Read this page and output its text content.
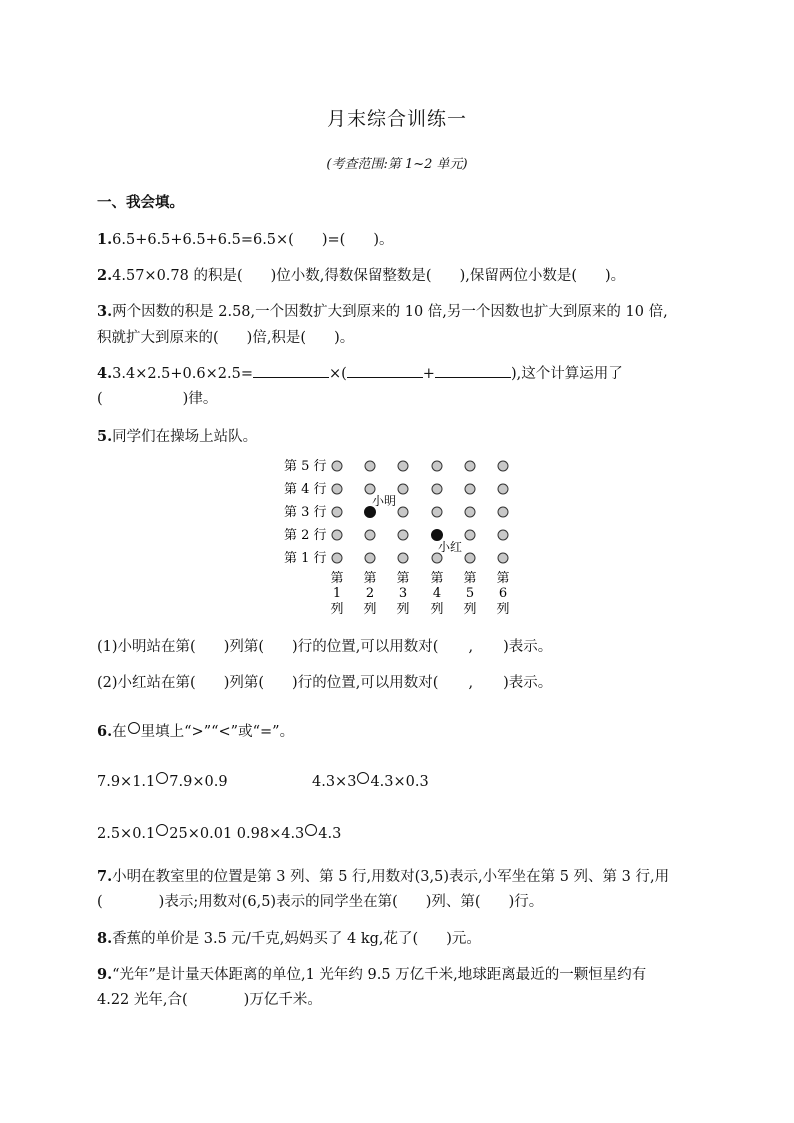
月末综合训练一
(考查范围:第 1~2 单元)
一、我会填。
1.6.5+6.5+6.5+6.5=6.5×( )=( )。
2.4.57×0.78 的积是( )位小数,得数保留整数是( ),保留两位小数是( )。
3.两个因数的积是 2.58,一个因数扩大到原来的 10 倍,另一个因数也扩大到原来的 10 倍,
积就扩大到原来的( )倍,积是( )。
4.3.4×2.5+0.6×2.5=	×(	+	),这个计算运用了
(	)律。
5.同学们在操场上站队。
第 5 行
第 4 行
第 3 行
第 2 行
第 1 行
小明
小红
第
1
列
第
2
列
第
3
列
第
4
列
第
5
列
第
6
列
(1)小明站在第( )列第( )行的位置,可以用数对( , )表示。
(2)小红站在第( )列第( )行的位置,可以用数对( , )表示。
6.在 里填上“>”“<”或“=”。
7.9×1.1 7.9×0.9	4.3×3 4.3×0.3
2.5×0.1 25×0.01 0.98×4.3 4.3
7.小明在教室里的位置是第 3 列、第 5 行,用数对(3,5)表示,小军坐在第 5 列、第 3 行,用
(	)表示;用数对(6,5)表示的同学坐在第( )列、第( )行。
8.香蕉的单价是 3.5 元/千克,妈妈买了 4 kg,花了( )元。
9.“光年”是计量天体距离的单位,1 光年约 9.5 万亿千米,地球距离最近的一颗恒星约有
4.22 光年,合(	)万亿千米。
